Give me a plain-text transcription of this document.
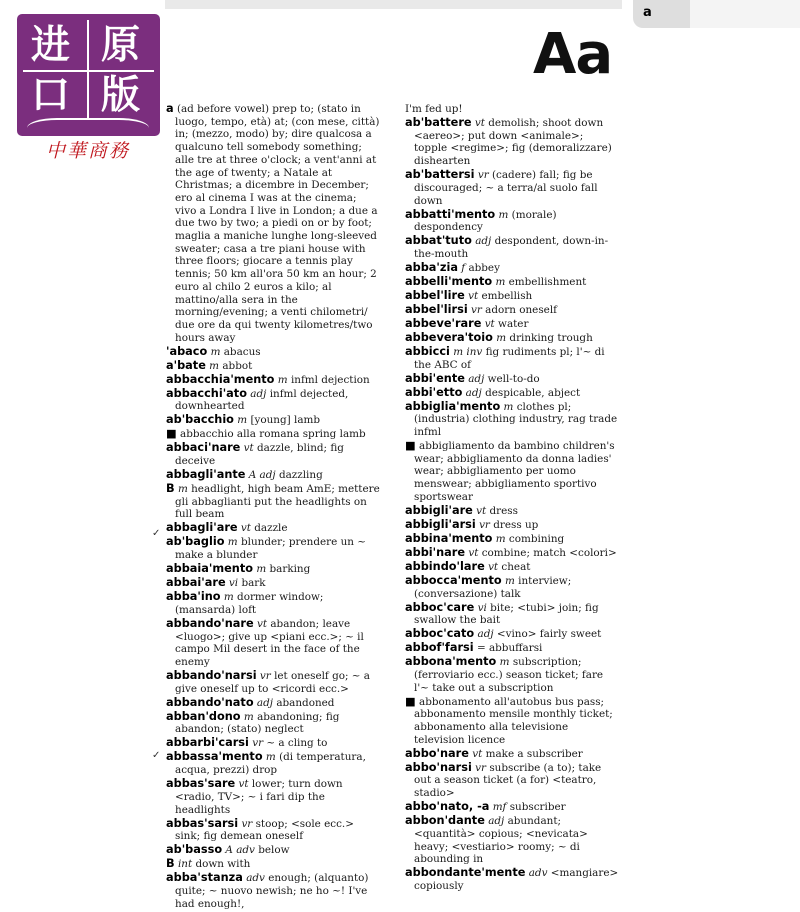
a
进 原
口 版
中華商務
Aa
✓
✓
a (ad before vowel) prep to; (stato in luogo, tempo, età) at; (con mese, città) in; (mezzo, modo) by; dire qualcosa a qualcuno tell somebody something; alle tre at three o'clock; a vent'anni at the age of twenty; a Natale at Christmas; a dicembre in December; ero al cinema I was at the cinema; vivo a Londra I live in London; a due a due two by two; a piedi on or by foot; maglia a maniche lunghe long-sleeved sweater; casa a tre piani house with three floors; giocare a tennis play tennis; 50 km all'ora 50 km an hour; 2 euro al chilo 2 euros a kilo; al mattino/alla sera in the morning/evening; a venti chilometri/ due ore da qui twenty kilometres/two hours away
'abaco m abacus
a'bate m abbot
abbacchia'mento m infml dejection
abbacchi'ato adj infml dejected, downhearted
ab'bacchio m [young] lamb
■ abbacchio alla romana spring lamb
abbaci'nare vt dazzle, blind; fig deceive
abbagli'ante A adj dazzling
B m headlight, high beam AmE; mettere gli abbaglianti put the headlights on full beam
abbagli'are vt dazzle
ab'baglio m blunder; prendere un ~ make a blunder
abbaia'mento m barking
abbai'are vi bark
abba'ino m dormer window; (mansarda) loft
abbando'nare vt abandon; leave <luogo>; give up <piani ecc.>; ~ il campo Mil desert in the face of the enemy
abbando'narsi vr let oneself go; ~ a give oneself up to <ricordi ecc.>
abbando'nato adj abandoned
abban'dono m abandoning; fig abandon; (stato) neglect
abbarbi'carsi vr ~ a cling to
abbassa'mento m (di temperatura, acqua, prezzi) drop
abbas'sare vt lower; turn down <radio, TV>; ~ i fari dip the headlights
abbas'sarsi vr stoop; <sole ecc.> sink; fig demean oneself
ab'basso A adv below
B int down with
abba'stanza adv enough; (alquanto) quite; ~ nuovo newish; ne ho ~! I've had enough!,
I'm fed up!
ab'battere vt demolish; shoot down <aereo>; put down <animale>; topple <regime>; fig (demoralizzare) dishearten
ab'battersi vr (cadere) fall; fig be discouraged; ~ a terra/al suolo fall down
abbatti'mento m (morale) despondency
abbat'tuto adj despondent, down-in-the-mouth
abba'zia f abbey
abbelli'mento m embellishment
abbel'lire vt embellish
abbel'lirsi vr adorn oneself
abbeve'rare vt water
abbevera'toio m drinking trough
abbicci m inv fig rudiments pl; l'~ di the ABC of
abbi'ente adj well-to-do
abbi'etto adj despicable, abject
abbiglia'mento m clothes pl; (industria) clothing industry, rag trade infml
■ abbigliamento da bambino children's wear; abbigliamento da donna ladies' wear; abbigliamento per uomo menswear; abbigliamento sportivo sportswear
abbigli'are vt dress
abbigli'arsi vr dress up
abbina'mento m combining
abbi'nare vt combine; match <colori>
abbindo'lare vt cheat
abbocca'mento m interview; (conversazione) talk
abboc'care vi bite; <tubi> join; fig swallow the bait
abboc'cato adj <vino> fairly sweet
abbof'farsi = abbuffarsi
abbona'mento m subscription; (ferroviario ecc.) season ticket; fare l'~ take out a subscription
■ abbonamento all'autobus bus pass; abbonamento mensile monthly ticket; abbonamento alla televisione television licence
abbo'nare vt make a subscriber
abbo'narsi vr subscribe (a to); take out a season ticket (a for) <teatro, stadio>
abbo'nato, -a mf subscriber
abbon'dante adj abundant; <quantità> copious; <nevicata> heavy; <vestiario> roomy; ~ di abounding in
abbondante'mente adv <mangiare> copiously
